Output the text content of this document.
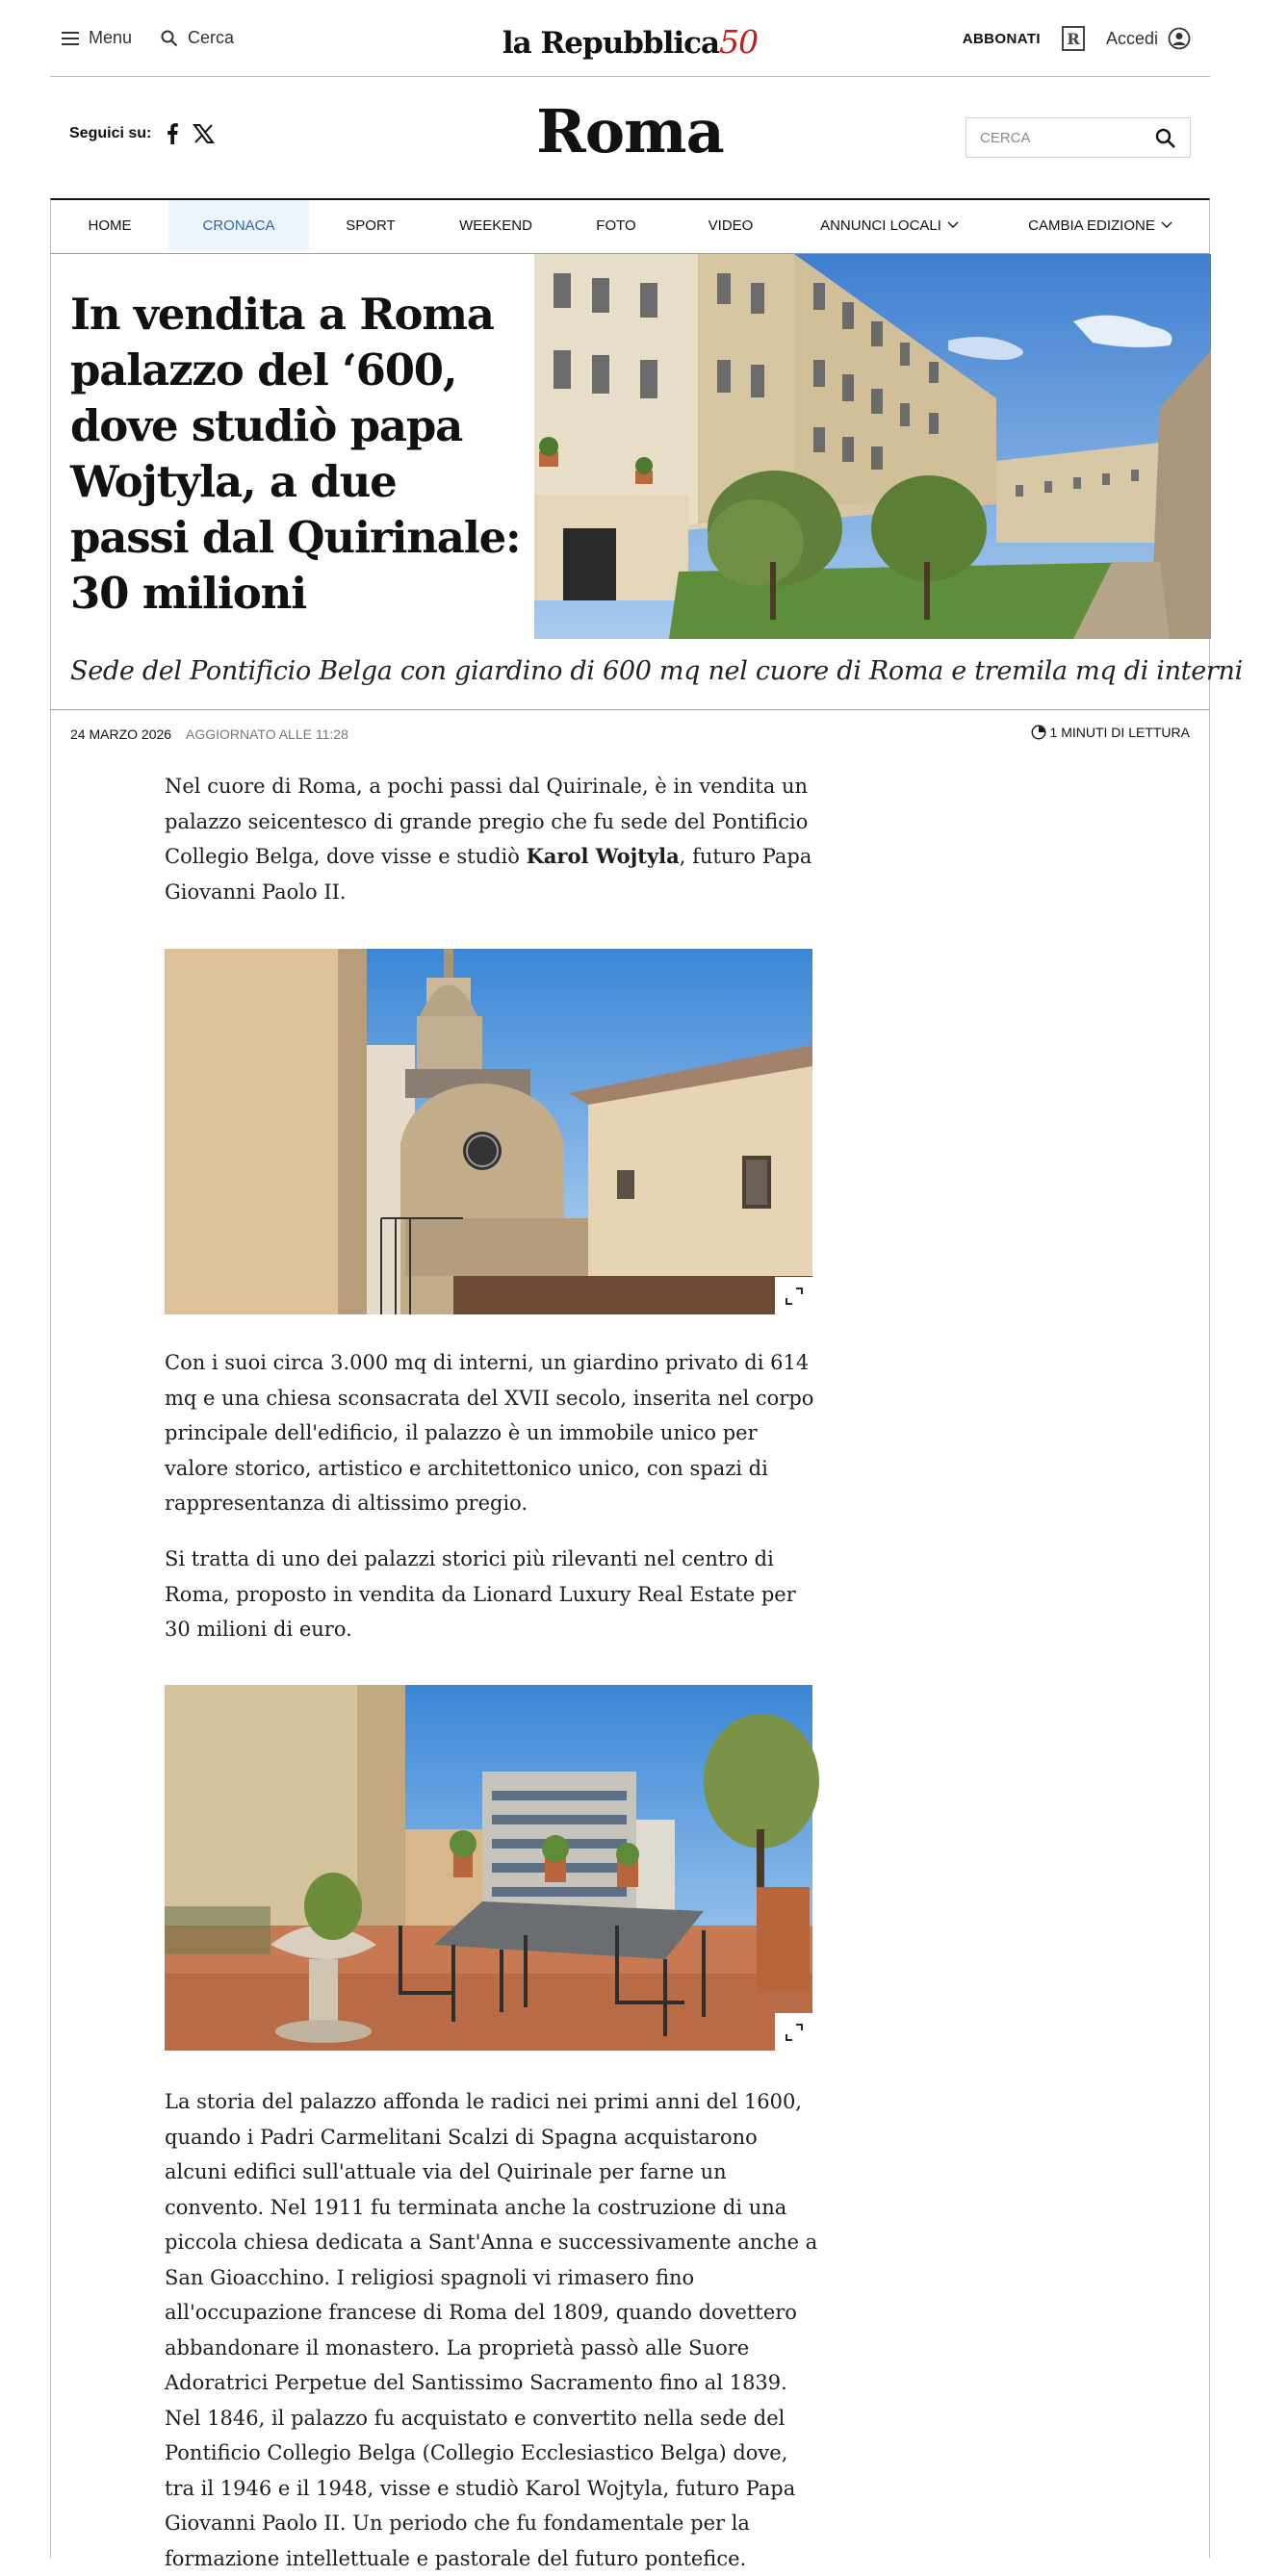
Menu	Cerca	la Repubblica50	ABBONATI	R Accedi
Seguici su:	Roma	CERCA
HOME	CRONACA	SPORT	WEEKEND	FOTO	VIDEO	ANNUNCI LOCALI	CAMBIA EDIZIONE
In vendita a Roma palazzo del ‘600, dove studiò papa Wojtyla, a due passi dal Quirinale: 30 milioni

Sede del Pontificio Belga con giardino di 600 mq nel cuore di Roma e tremila mq di interni

24 MARZO 2026 AGGIORNATO ALLE 11:28	1 MINUTI DI LETTURA

Nel cuore di Roma, a pochi passi dal Quirinale, è in vendita un palazzo seicentesco di grande pregio che fu sede del Pontificio Collegio Belga, dove visse e studiò Karol Wojtyla, futuro Papa Giovanni Paolo II.

Con i suoi circa 3.000 mq di interni, un giardino privato di 614 mq e una chiesa sconsacrata del XVII secolo, inserita nel corpo principale dell'edificio, il palazzo è un immobile unico per valore storico, artistico e architettonico unico, con spazi di rappresentanza di altissimo pregio.

Si tratta di uno dei palazzi storici più rilevanti nel centro di Roma, proposto in vendita da Lionard Luxury Real Estate per 30 milioni di euro.

La storia del palazzo affonda le radici nei primi anni del 1600, quando i Padri Carmelitani Scalzi di Spagna acquistarono alcuni edifici sull'attuale via del Quirinale per farne un convento. Nel 1911 fu terminata anche la costruzione di una piccola chiesa dedicata a Sant'Anna e successivamente anche a San Gioacchino. I religiosi spagnoli vi rimasero fino all'occupazione francese di Roma del 1809, quando dovettero abbandonare il monastero. La proprietà passò alle Suore Adoratrici Perpetue del Santissimo Sacramento fino al 1839. Nel 1846, il palazzo fu acquistato e convertito nella sede del Pontificio Collegio Belga (Collegio Ecclesiastico Belga) dove, tra il 1946 e il 1948, visse e studiò Karol Wojtyla, futuro Papa Giovanni Paolo II. Un periodo che fu fondamentale per la formazione intellettuale e pastorale del futuro pontefice.
